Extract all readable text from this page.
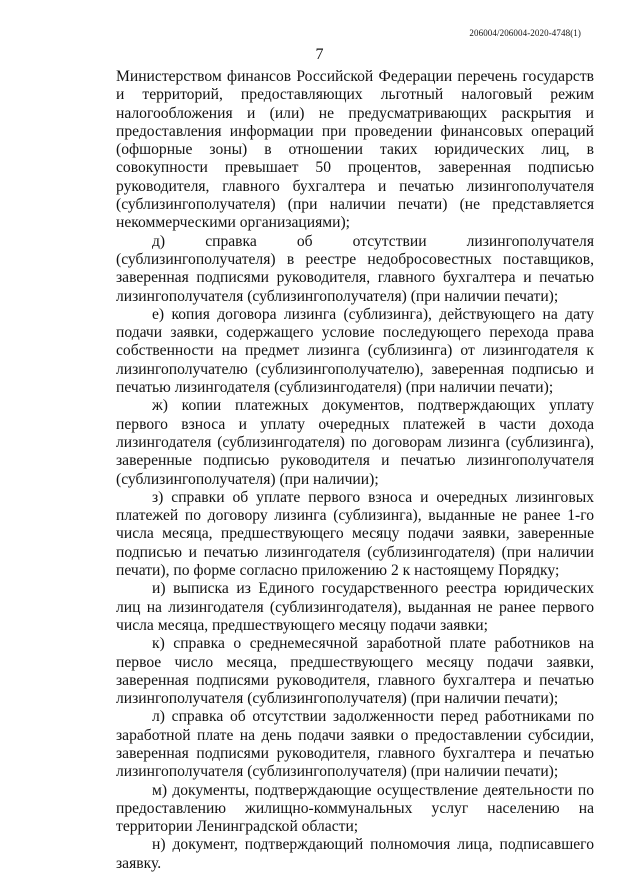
206004/206004-2020-4748(1)
7

Министерством финансов Российской Федерации перечень государств и территорий, предоставляющих льготный налоговый режим налогообложения и (или) не предусматривающих раскрытия и предоставления информации при проведении финансовых операций (офшорные зоны) в отношении таких юридических лиц, в совокупности превышает 50 процентов, заверенная подписью руководителя, главного бухгалтера и печатью лизингополучателя (сублизингополучателя) (при наличии печати) (не представляется некоммерческими организациями);

д) справка об отсутствии лизингополучателя (сублизингополучателя) в реестре недобросовестных поставщиков, заверенная подписями руководителя, главного бухгалтера и печатью лизингополучателя (сублизингополучателя) (при наличии печати);

е) копия договора лизинга (сублизинга), действующего на дату подачи заявки, содержащего условие последующего перехода права собственности на предмет лизинга (сублизинга) от лизингодателя к лизингополучателю (сублизингополучателю), заверенная подписью и печатью лизингодателя (сублизингодателя) (при наличии печати);

ж) копии платежных документов, подтверждающих уплату первого взноса и уплату очередных платежей в части дохода лизингодателя (сублизингодателя) по договорам лизинга (сублизинга), заверенные подписью руководителя и печатью лизингополучателя (сублизингополучателя) (при наличии);

з) справки об уплате первого взноса и очередных лизинговых платежей по договору лизинга (сублизинга), выданные не ранее 1-го числа месяца, предшествующего месяцу подачи заявки, заверенные подписью и печатью лизингодателя (сублизингодателя) (при наличии печати), по форме согласно приложению 2 к настоящему Порядку;

и) выписка из Единого государственного реестра юридических лиц на лизингодателя (сублизингодателя), выданная не ранее первого числа месяца, предшествующего месяцу подачи заявки;

к) справка о среднемесячной заработной плате работников на первое число месяца, предшествующего месяцу подачи заявки, заверенная подписями руководителя, главного бухгалтера и печатью лизингополучателя (сублизингополучателя) (при наличии печати);

л) справка об отсутствии задолженности перед работниками по заработной плате на день подачи заявки о предоставлении субсидии, заверенная подписями руководителя, главного бухгалтера и печатью лизингополучателя (сублизингополучателя) (при наличии печати);

м) документы, подтверждающие осуществление деятельности по предоставлению жилищно-коммунальных услуг населению на территории Ленинградской области;

н) документ, подтверждающий полномочия лица, подписавшего заявку.
